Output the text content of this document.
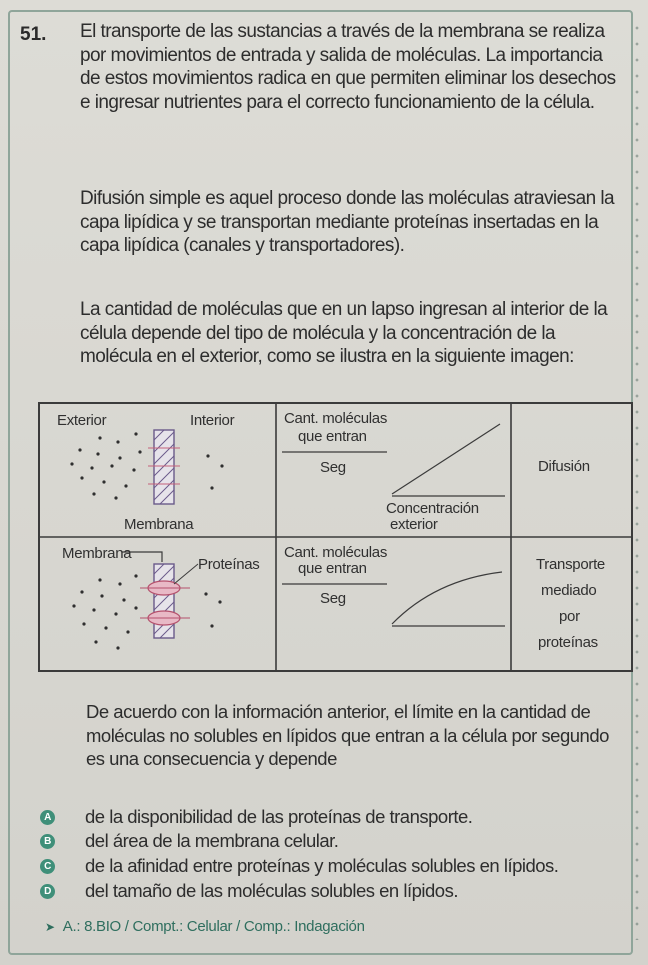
51. El transporte de las sustancias a través de la membrana se realiza por movimientos de entrada y salida de moléculas. La importancia de estos movimientos radica en que permiten eliminar los desechos e ingresar nutrientes para el correcto funcionamiento de la célula.
Difusión simple es aquel proceso donde las moléculas atraviesan la capa lipídica y se transportan mediante proteínas insertadas en la capa lipídica (canales y transportadores).
La cantidad de moléculas que en un lapso ingresan al interior de la célula depende del tipo de molécula y la concentración de la molécula en el exterior, como se ilustra en la siguiente imagen:
Exterior	Interior
Membrana
Cant. moléculas
que entran
Seg
Concentración
exterior
Difusión
Membrana
Proteínas
Cant. moléculas
que entran
Seg
Transporte
mediado
por
proteínas
De acuerdo con la información anterior, el límite en la cantidad de moléculas no solubles en lípidos que entran a la célula por segundo es una consecuencia y depende
A de la disponibilidad de las proteínas de transporte.
B del área de la membrana celular.
C de la afinidad entre proteínas y moléculas solubles en lípidos.
D del tamaño de las moléculas solubles en lípidos.
➤ A.: 8.BIO / Compt.: Celular / Comp.: Indagación
